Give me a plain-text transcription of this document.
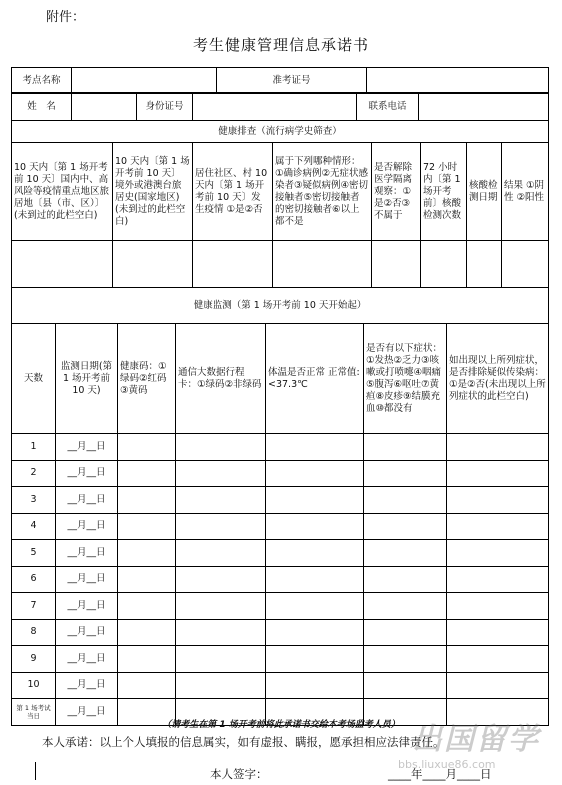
附件：
考生健康管理信息承诺书
考点名称		准考证号	
姓　名		身份证号		联系电话	
健康排查（流行病学史筛查）							
10 天内〔第 1 场开考前 10 天〕国内中、高风险等疫情重点地区旅居地〔县（市、区）〕(未到过的此栏空白)	10 天内〔第 1 场开考前 10 天〕境外或港澳台旅居史(国家地区)(未到过的此栏空白)	居住社区、村 10 天内〔第 1 场开考前 10 天〕发生疫情 ①是②否	属于下列哪种情形：①确诊病例②无症状感染者③疑似病例④密切接触者⑤密切接触者的密切接触者⑥以上都不是	是否解除医学隔离观察：①是②否③不属于	72 小时内〔第 1 场开考前〕核酸检测次数	核酸检测日期	结果 ①阴性 ②阳性

健康监测（第 1 场开考前 10 天开始起）						
天数	监测日期(第 1 场开考前 10 天)	健康码：①绿码②红码③黄码	通信大数据行程卡：①绿码②非绿码	体温是否正常 正常值:<37.3℃	是否有以下症状：①发热②乏力③咳嗽或打喷嚏④咽痛⑤腹泻⑥呕吐⑦黄疸⑧皮疹⑨结膜充血⑩都没有	如出现以上所列症状，是否排除疑似传染病：①是②否(未出现以上所列症状的此栏空白)
1	__月__日					
2	__月__日					
3	__月__日					
4	__月__日					
5	__月__日					
6	__月__日					
7	__月__日					
8	__月__日					
9	__月__日					
10	__月__日					
第 1 场考试当日	__月__日					
（请考生在第 1 场开考前将此承诺书交给本考场监考人员）
本人承诺：以上个人填报的信息属实，如有虚报、瞒报，愿承担相应法律责任。
本人签字：	____年____月____日
出国留学
bbs.liuxue86.com
